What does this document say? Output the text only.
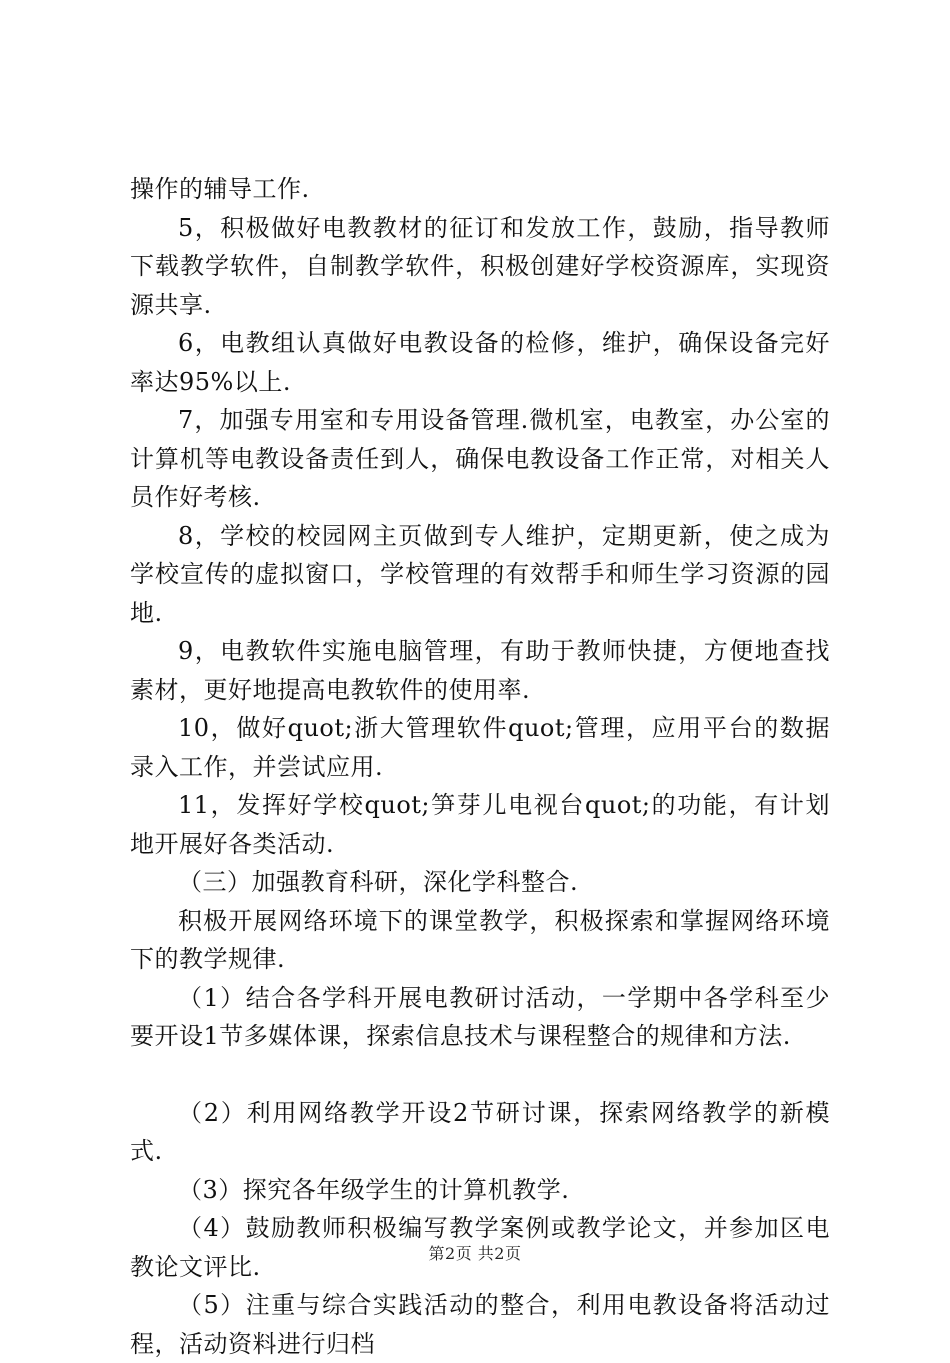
操作的辅导工作.

5，积极做好电教教材的征订和发放工作，鼓励，指导教师下载教学软件，自制教学软件，积极创建好学校资源库，实现资源共享.

6，电教组认真做好电教设备的检修，维护，确保设备完好率达95%以上.

7，加强专用室和专用设备管理.微机室，电教室，办公室的计算机等电教设备责任到人，确保电教设备工作正常，对相关人员作好考核.

8，学校的校园网主页做到专人维护，定期更新，使之成为学校宣传的虚拟窗口，学校管理的有效帮手和师生学习资源的园地.

9，电教软件实施电脑管理，有助于教师快捷，方便地查找素材，更好地提高电教软件的使用率.

10，做好quot;浙大管理软件quot;管理，应用平台的数据录入工作，并尝试应用.

11，发挥好学校quot;笋芽儿电视台quot;的功能，有计划地开展好各类活动.

（三）加强教育科研，深化学科整合.

积极开展网络环境下的课堂教学，积极探索和掌握网络环境下的教学规律.

（1）结合各学科开展电教研讨活动，一学期中各学科至少要开设1节多媒体课，探索信息技术与课程整合的规律和方法.

（2）利用网络教学开设2节研讨课，探索网络教学的新模式.

（3）探究各年级学生的计算机教学.

（4）鼓励教师积极编写教学案例或教学论文，并参加区电教论文评比.

（5）注重与综合实践活动的整合，利用电教设备将活动过程，活动资料进行归档

第2页 共2页
